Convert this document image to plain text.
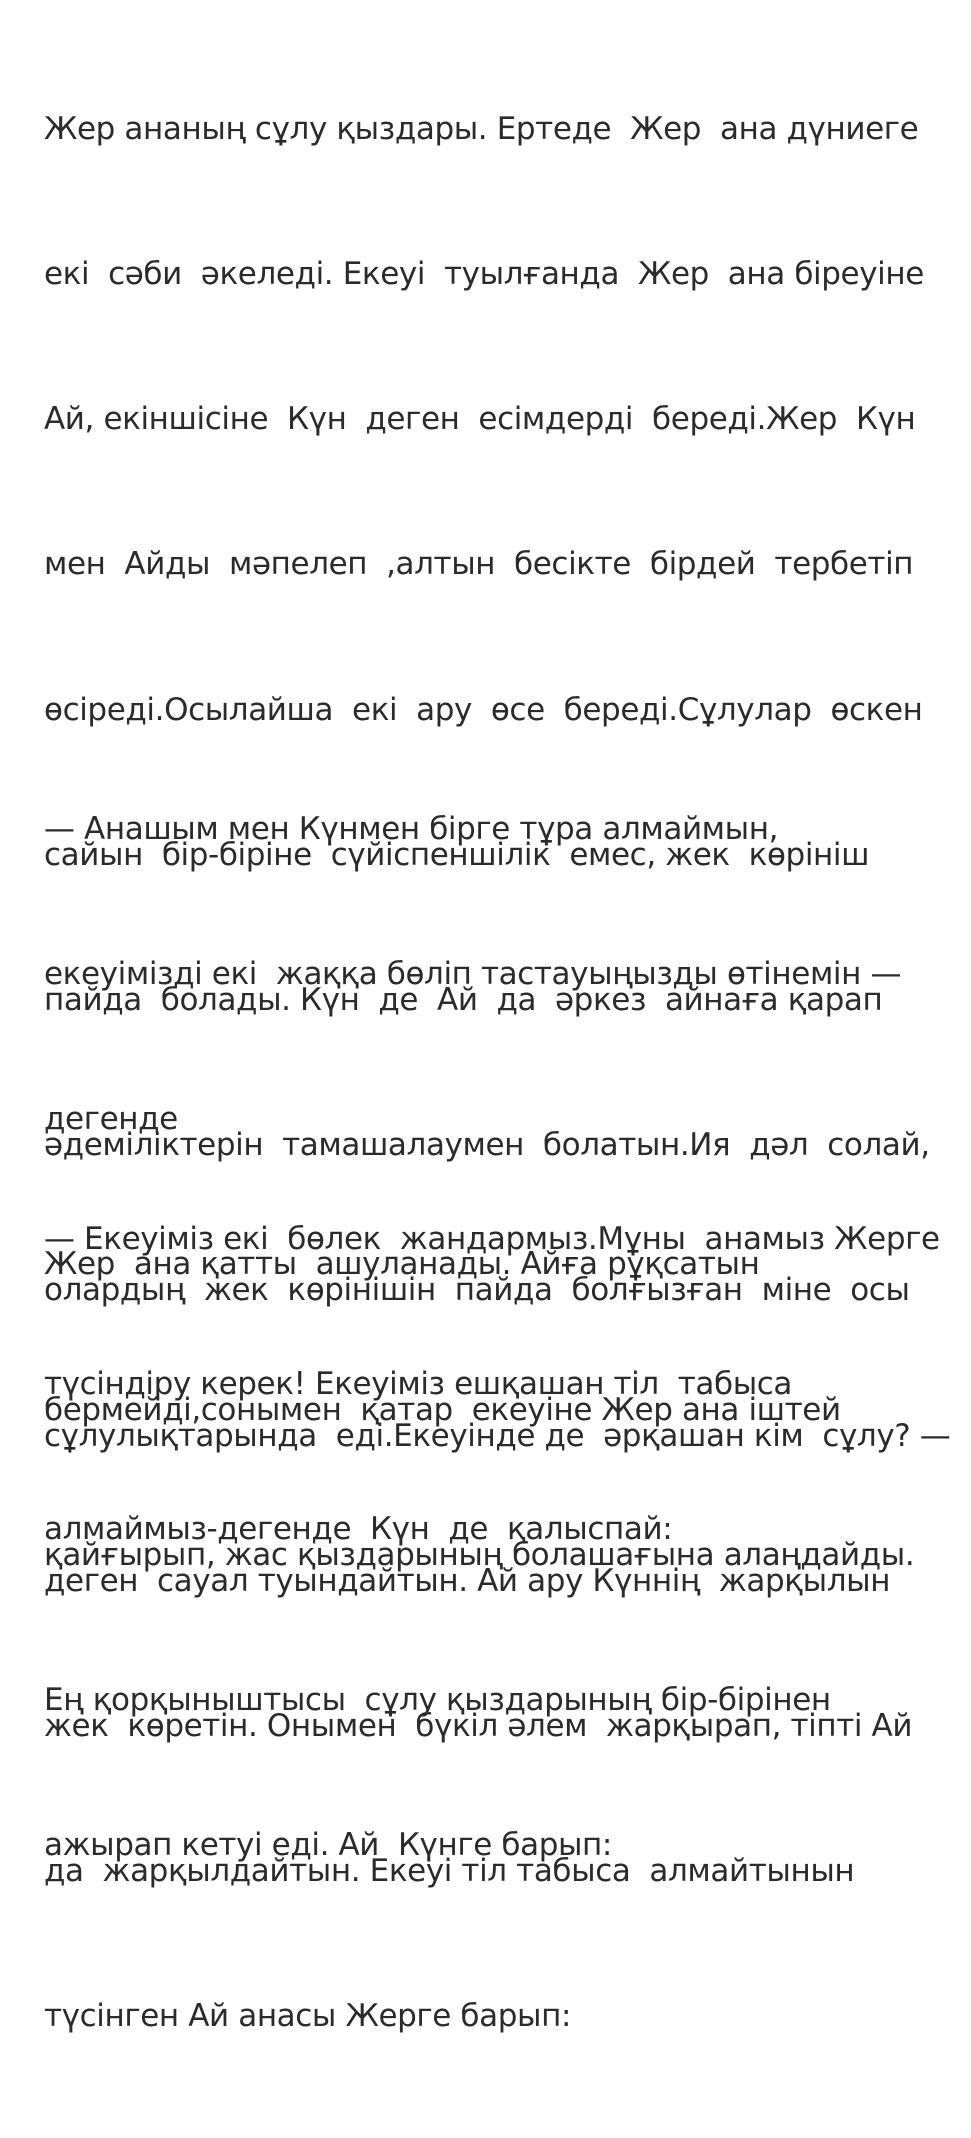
Жер ананың сұлу қыздары. Ертеде  Жер  ана дүниеге

екі  сәби  әкеледі. Екеуі  туылғанда  Жер  ана біреуіне

Ай, екіншісіне  Күн  деген  есімдерді  береді.Жер  Күн

мен  Айды  мәпелеп  ,алтын  бесікте  бірдей  тербетіп

өсіреді.Осылайша  екі  ару  өсе  береді.Сұлулар  өскен

сайын  бір-біріне  сүйіспеншілік  емес, жек  көрініш

пайда  болады. Күн  де  Ай  да  әркез  айнаға қарап

әдеміліктерін  тамашалаумен  болатын.Ия  дәл  солай,

олардың  жек  көрінішін  пайда  болғызған  міне  осы

сұлулықтарында  еді.Екеуінде де  әрқашан кім  сұлу? —

деген  сауал туындайтын. Ай ару Күннің  жарқылын

жек  көретін. Онымен  бүкіл әлем  жарқырап, тіпті Ай

да  жарқылдайтын. Екеуі тіл табыса  алмайтынын

түсінген Ай анасы Жерге барып:

— Анашым мен Күнмен бірге тұра алмаймын,

екеуімізді екі  жаққа бөліп тастауыңызды өтінемін —

дегенде

Жер  ана қатты  ашуланады. Айға рұқсатын

бермейді,сонымен  қатар  екеуіне Жер ана іштей

қайғырып, жас қыздарының болашағына алаңдайды.

Ең қорқыныштысы  сұлу қыздарының бір-бірінен

ажырап кетуі еді. Ай  Күнге барып:

— Екеуіміз екі  бөлек  жандармыз.Мұны  анамыз Жерге

түсіндіру керек! Екеуіміз ешқашан тіл  табыса

алмаймыз-дегенде  Күн  де  қалыспай:
